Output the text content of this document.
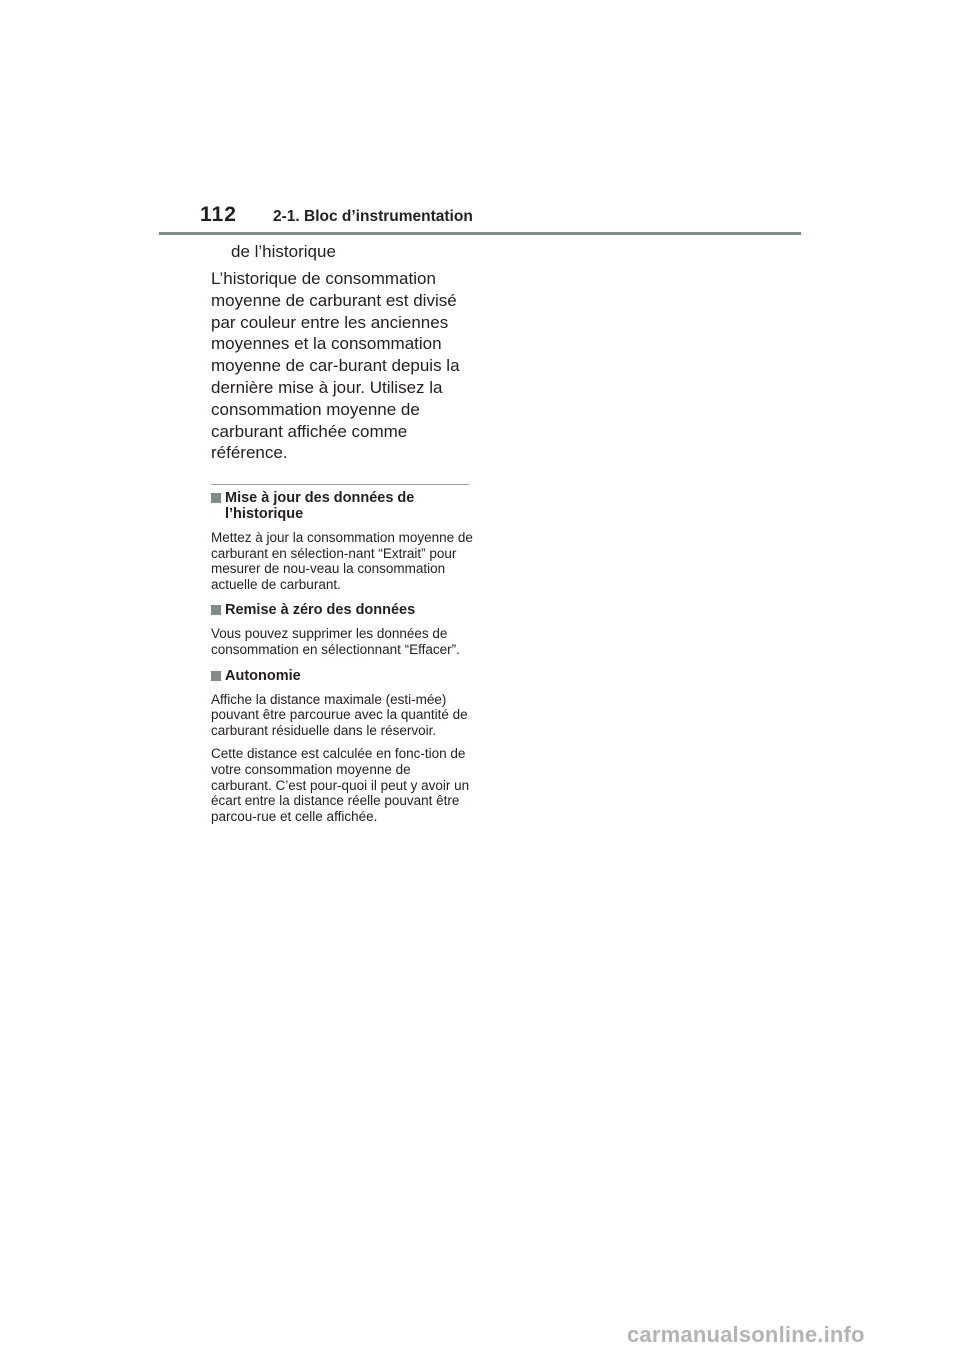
112 2-1. Bloc d’instrumentation

de l’historique

L’historique de consommation moyenne de carburant est divisé par couleur entre les anciennes moyennes et la consommation moyenne de car-burant depuis la dernière mise à jour. Utilisez la consommation moyenne de carburant affichée comme référence.

Mise à jour des données de l’historique

Mettez à jour la consommation moyenne de carburant en sélection-nant “Extrait” pour mesurer de nou-veau la consommation actuelle de carburant.

Remise à zéro des données

Vous pouvez supprimer les données de consommation en sélectionnant “Effacer”.

Autonomie

Affiche la distance maximale (esti-mée) pouvant être parcourue avec la quantité de carburant résiduelle dans le réservoir.

Cette distance est calculée en fonc-tion de votre consommation moyenne de carburant. C’est pour-quoi il peut y avoir un écart entre la distance réelle pouvant être parcou-rue et celle affichée.

carmanualsonline.info
